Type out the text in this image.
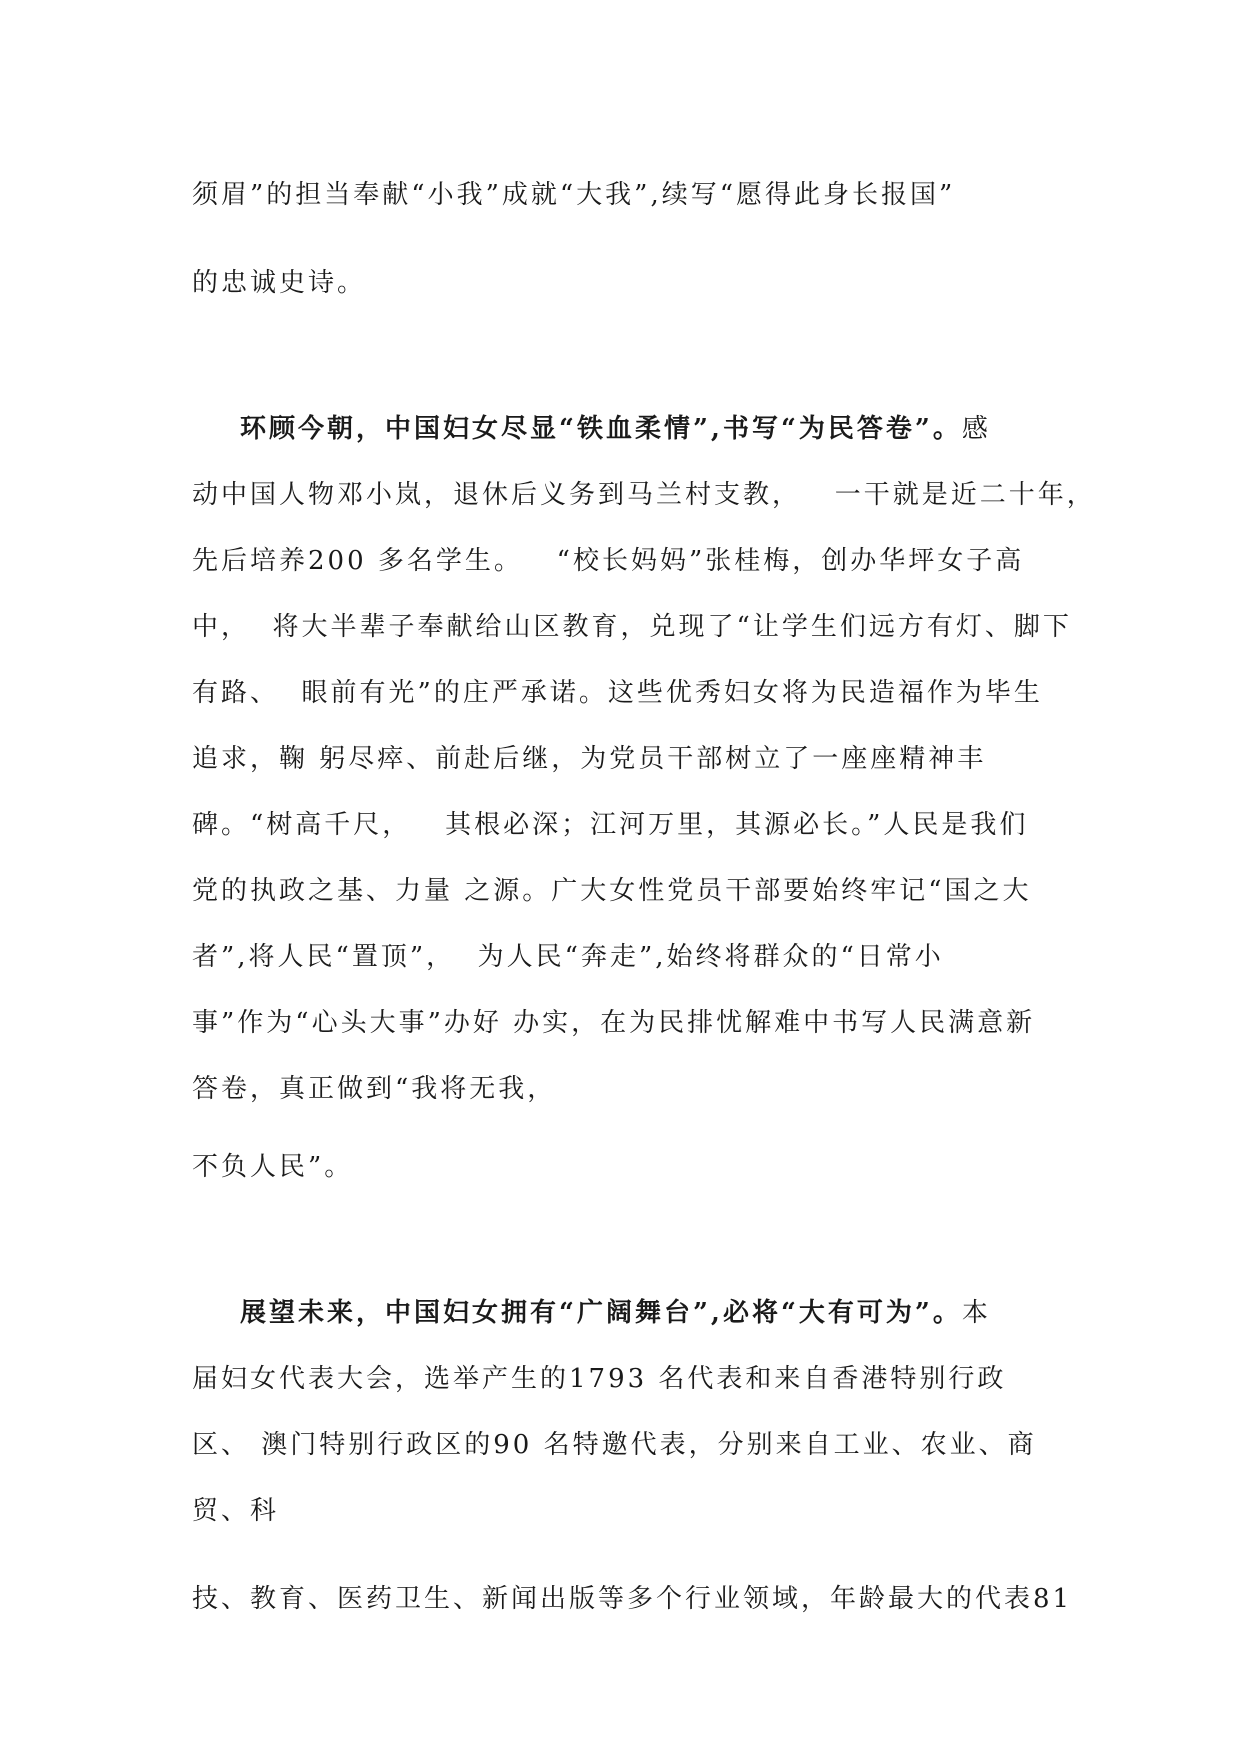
须眉”的担当奉献“小我”成就“大我”,续写“愿得此身长报国”
的忠诚史诗。
环顾今朝，中国妇女尽显“铁血柔情”,书写“为民答卷”。感
动中国人物邓小岚，退休后义务到马兰村支教，   一干就是近二十年，
先后培养200 多名学生。   “校长妈妈”张桂梅，创办华坪女子高
中，  将大半辈子奉献给山区教育，兑现了“让学生们远方有灯、脚下
有路、  眼前有光”的庄严承诺。这些优秀妇女将为民造福作为毕生
追求，鞠 躬尽瘁、前赴后继，为党员干部树立了一座座精神丰
碑。“树高千尺，   其根必深；江河万里，其源必长。”人民是我们
党的执政之基、力量 之源。广大女性党员干部要始终牢记“国之大
者”,将人民“置顶”，  为人民“奔走”,始终将群众的“日常小
事”作为“心头大事”办好 办实，在为民排忧解难中书写人民满意新
答卷，真正做到“我将无我，
不负人民”。
展望未来，中国妇女拥有“广阔舞台”,必将“大有可为”。本
届妇女代表大会，选举产生的1793 名代表和来自香港特别行政
区、 澳门特别行政区的90 名特邀代表，分别来自工业、农业、商
贸、科
技、教育、医药卫生、新闻出版等多个行业领域，年龄最大的代表81
